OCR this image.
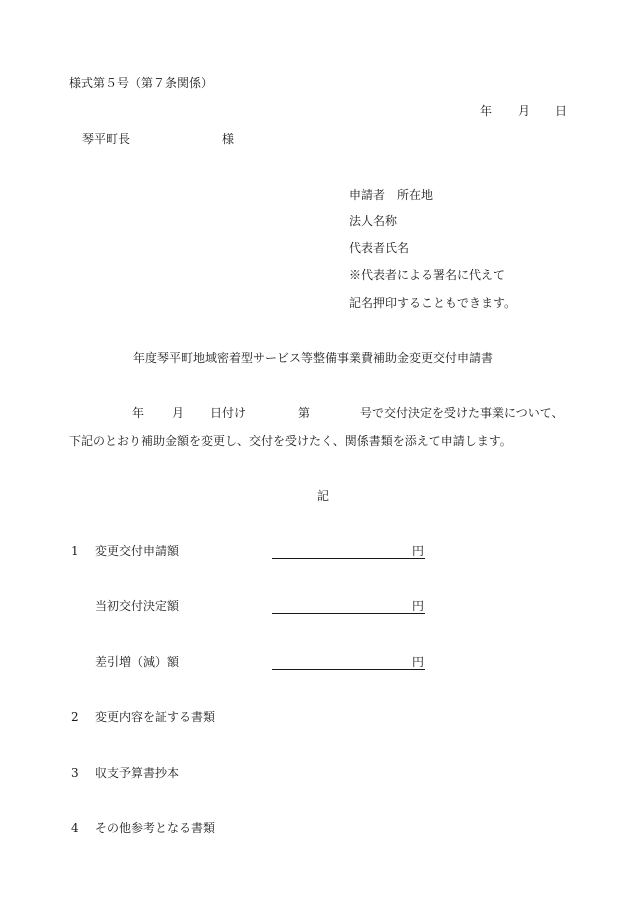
様式第５号（第７条関係）
年 月 日
琴平町長	様
申請者　所在地
法人名称
代表者氏名
※代表者による署名に代えて
記名押印することもできます。
年度琴平町地域密着型サービス等整備事業費補助金変更交付申請書
年 月 日付け	第	号で交付決定を受けた事業について、
下記のとおり補助金額を変更し、交付を受けたく、関係書類を添えて申請します。
記
1 変更交付申請額	円
当初交付決定額	円
差引増（減）額	円
2 変更内容を証する書類
3 収支予算書抄本
4 その他参考となる書類
